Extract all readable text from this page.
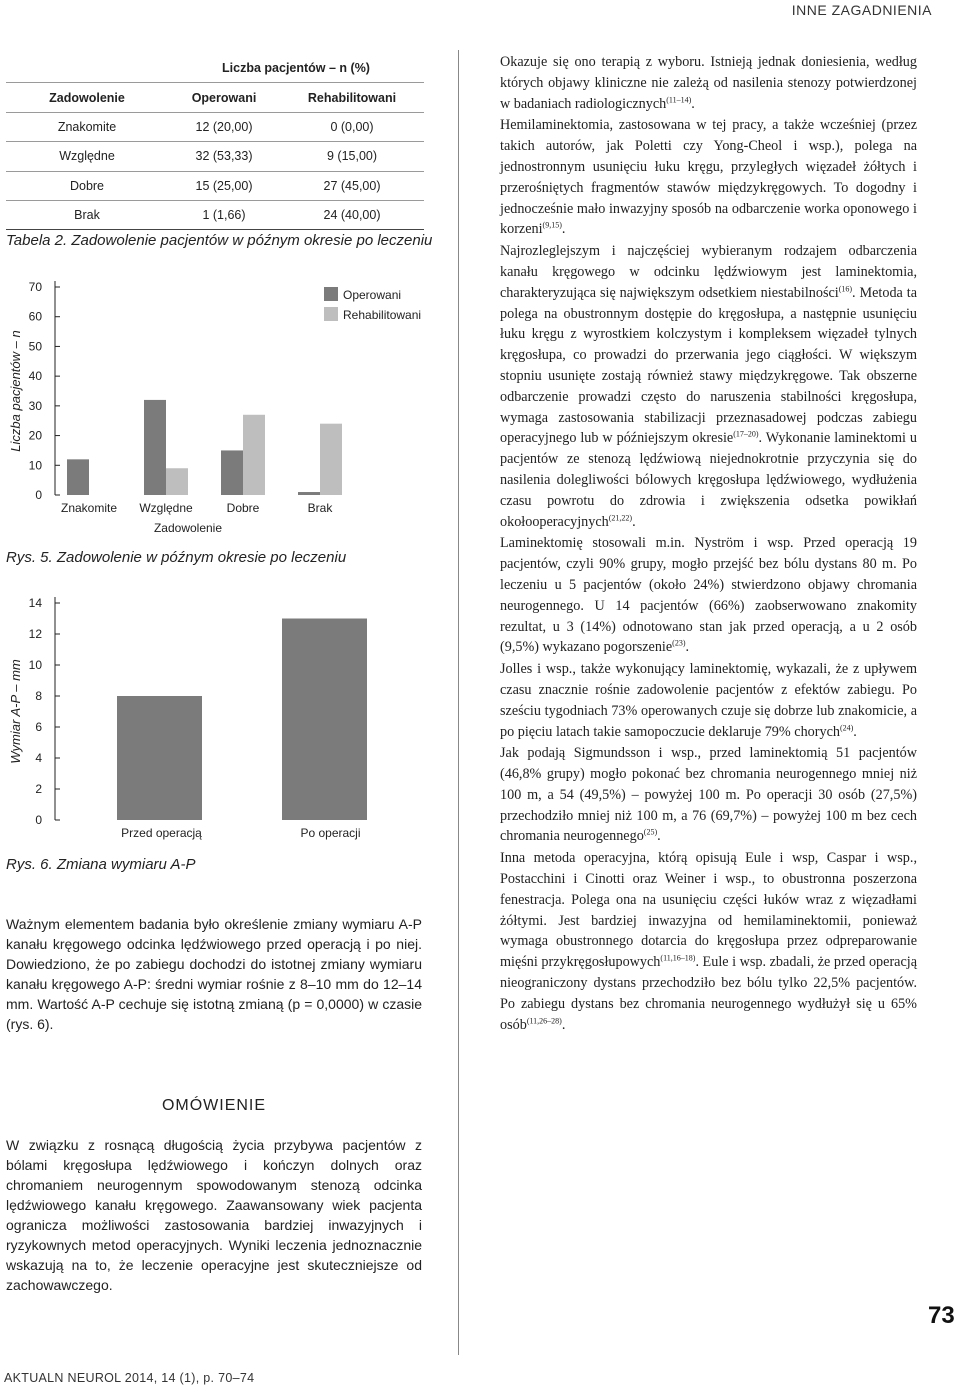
INNE ZAGADNIENIA
	Liczba pacjentów – n (%)	
Zadowolenie	Operowani	Rehabilitowani
Znakomite	12 (20,00)	0 (0,00)
Względne	32 (53,33)	9 (15,00)
Dobre	15 (25,00)	27 (45,00)
Brak	1 (1,66)	24 (40,00)
Tabela 2. Zadowolenie pacjentów w późnym okresie po leczeniu
0
10
20
30
40
50
60
70
Liczba pacjentów – n
Znakomite Względne	Dobre	Brak
Zadowolenie
Operowani
Rehabilitowani
Rys. 5. Zadowolenie w późnym okresie po leczeniu
0
2
4
6
8
10
12
14
Wymiar A-P – mm
Przed operacją	Po operacji
Rys. 6. Zmiana wymiaru A-P

Ważnym elementem badania było określenie zmiany wymiaru A-P kanału kręgowego odcinka lędźwiowego przed operacją i po niej. Dowiedziono, że po zabiegu dochodzi do istotnej zmiany wymiaru kanału kręgowego A-P: średni wymiar rośnie z 8–10 mm do 12–14 mm. Wartość A-P cechuje się istotną zmianą (p = 0,0000) w czasie (rys. 6).

OMÓWIENIE

W związku z rosnącą długością życia przybywa pacjentów z bólami kręgosłupa lędźwiowego i kończyn dolnych oraz chromaniem neurogennym spowodowanym stenozą odcinka lędźwiowego kanału kręgowego. Zaawansowany wiek pacjenta ogranicza możliwości zastosowania bardziej inwazyjnych i ryzykownych metod operacyjnych. Wyniki leczenia jednoznacznie wskazują na to, że leczenie operacyjne jest skuteczniejsze od zachowawczego.

Okazuje się ono terapią z wyboru. Istnieją jednak doniesienia, według których objawy kliniczne nie zależą od nasilenia stenozy potwierdzonej w badaniach radiologicznych$^{(11-14)}$.

Hemilaminektomia, zastosowana w tej pracy, a także wcześniej (przez takich autorów, jak Poletti czy Yong-Cheol i wsp.), polega na jednostronnym usunięciu łuku kręgu, przyległych więzadeł żółtych i przerośniętych fragmentów stawów międzykręgowych. To dogodny i jednocześnie mało inwazyjny sposób na odbarczenie worka oponowego i korzeni$^{(9,15)}$.

Najrozleglejszym i najczęściej wybieranym rodzajem odbarczenia kanału kręgowego w odcinku lędźwiowym jest laminektomia, charakteryzująca się największym odsetkiem niestabilności$^{(16)}$. Metoda ta polega na obustronnym dostępie do kręgosłupa, a następnie usunięciu łuku kręgu z wyrostkiem kolczystym i kompleksem więzadeł tylnych kręgosłupa, co prowadzi do przerwania jego ciągłości. W większym stopniu usunięte zostają również stawy międzykręgowe. Tak obszerne odbarczenie prowadzi często do naruszenia stabilności kręgosłupa, wymaga zastosowania stabilizacji przeznasadowej podczas zabiegu operacyjnego lub w późniejszym okresie$^{(17-20)}$. Wykonanie laminektomi u pacjentów ze stenozą lędźwiową niejednokrotnie przyczynia się do nasilenia dolegliwości bólowych kręgosłupa lędźwiowego, wydłużenia czasu powrotu do zdrowia i zwiększenia odsetka powikłań okołooperacyjnych$^{(21,22)}$.

Laminektomię stosowali m.in. Nyström i wsp. Przed operacją 19 pacjentów, czyli 90% grupy, mogło przejść bez bólu dystans 80 m. Po leczeniu u 5 pacjentów (około 24%) stwierdzono objawy chromania neurogennego. U 14 pacjentów (66%) zaobserwowano znakomity rezultat, u 3 (14%) odnotowano stan jak przed operacją, a u 2 osób (9,5%) wykazano pogorszenie$^{(23)}$.

Jolles i wsp., także wykonujący laminektomię, wykazali, że z upływem czasu znacznie rośnie zadowolenie pacjentów z efektów zabiegu. Po sześciu tygodniach 73% operowanych czuje się dobrze lub znakomicie, a po pięciu latach takie samopoczucie deklaruje 79% chorych$^{(24)}$.

Jak podają Sigmundsson i wsp., przed laminektomią 51 pacjentów (46,8% grupy) mogło pokonać bez chromania neurogennego mniej niż 100 m, a 54 (49,5%) – powyżej 100 m. Po operacji 30 osób (27,5%) przechodziło mniej niż 100 m, a 76 (69,7%) – powyżej 100 m bez cech chromania neurogennego$^{(25)}$.

Inna metoda operacyjna, którą opisują Eule i wsp, Caspar i wsp., Postacchini i Cinotti oraz Weiner i wsp., to obustronna poszerzona fenestracja. Polega ona na usunięciu części łuków wraz z więzadłami żółtymi. Jest bardziej inwazyjna od hemilaminektomii, ponieważ wymaga obustronnego dotarcia do kręgosłupa przez odpreparowanie mięśni przykręgosłupowych$^{(11,16-18)}$. Eule i wsp. zbadali, że przed operacją nieograniczony dystans przechodziło bez bólu tylko 22,5% pacjentów. Po zabiegu dystans bez chromania neurogennego wydłużył się u 65% osób$^{(11,26-28)}$.

73
AKTUALN NEUROL 2014, 14 (1), p. 70–74
